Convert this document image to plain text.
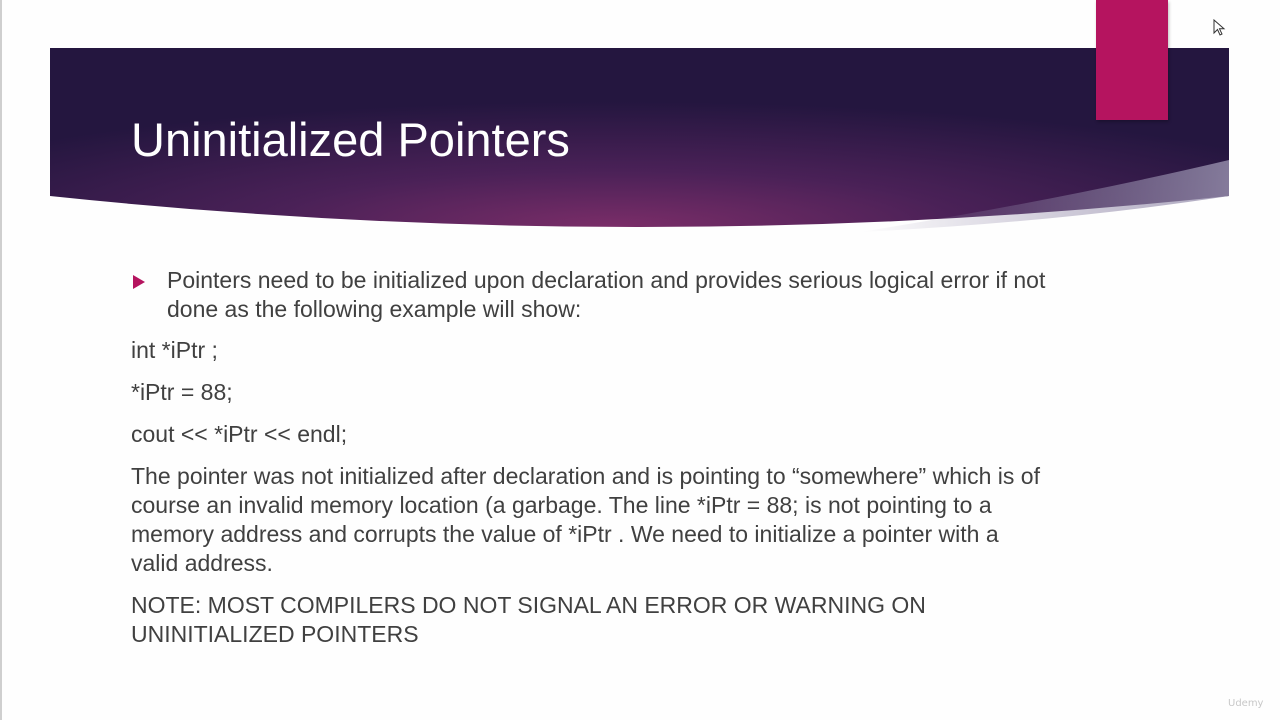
Uninitialized Pointers
Pointers need to be initialized upon declaration and provides serious logical error if not done as the following example will show:
int *iPtr ;
*iPtr = 88;
cout << *iPtr << endl;
The pointer was not initialized after declaration and is pointing to “somewhere” which is of course an invalid memory location (a garbage. The line *iPtr = 88; is not pointing to a memory address and corrupts the value of *iPtr . We need to initialize a pointer with a valid address.
NOTE: MOST COMPILERS DO NOT SIGNAL AN ERROR OR WARNING ON UNINITIALIZED POINTERS
Udemy
